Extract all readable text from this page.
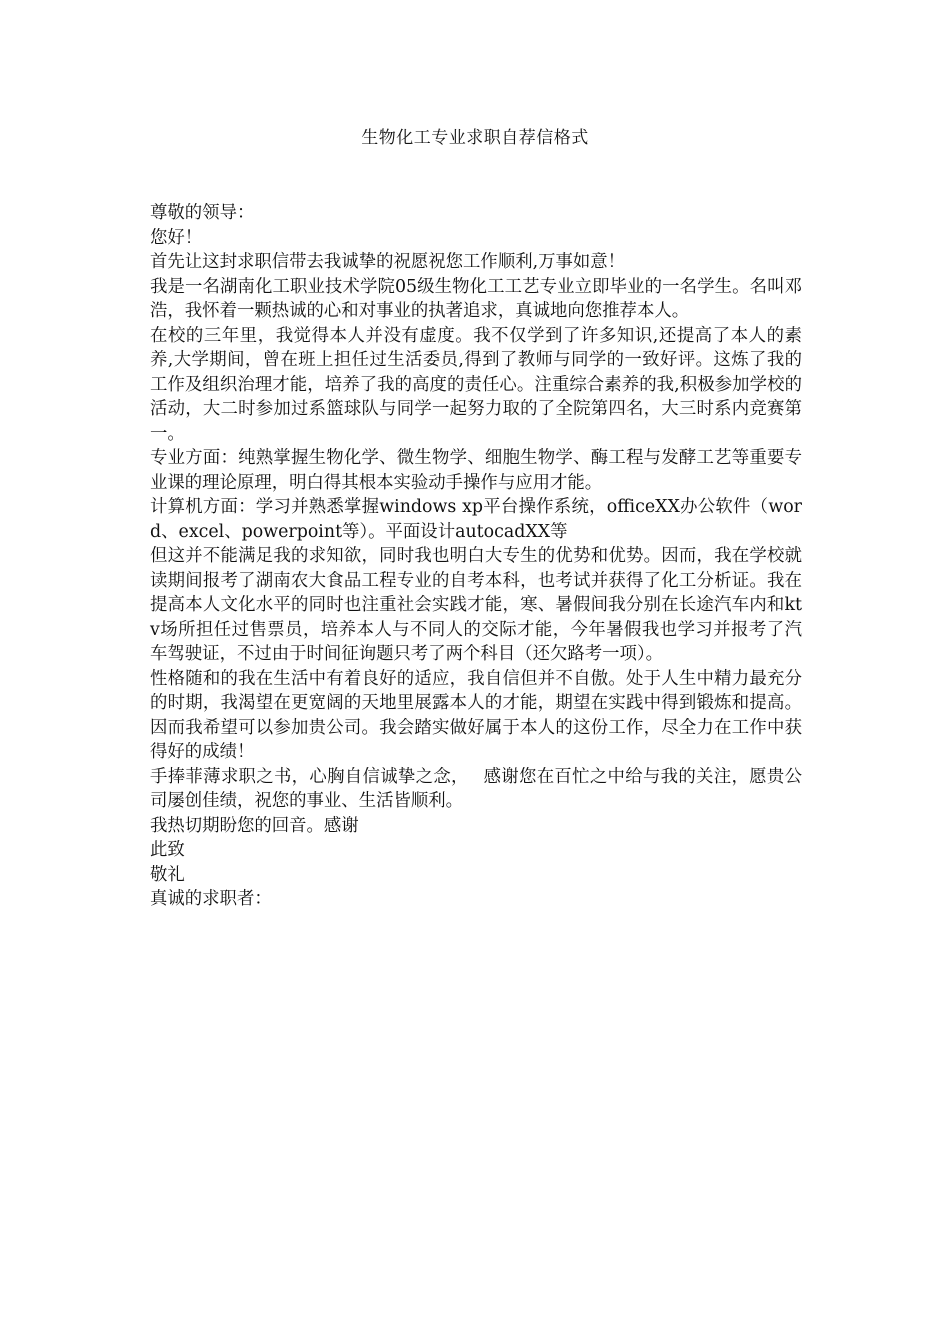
生物化工专业求职自荐信格式

尊敬的领导：

您好！

首先让这封求职信带去我诚挚的祝愿祝您工作顺利,万事如意！

我是一名湖南化工职业技术学院05级生物化工工艺专业立即毕业的一名学生。名叫邓浩，我怀着一颗热诚的心和对事业的执著追求，真诚地向您推荐本人。

在校的三年里，我觉得本人并没有虚度。我不仅学到了许多知识,还提高了本人的素养,大学期间，曾在班上担任过生活委员,得到了教师与同学的一致好评。这炼了我的工作及组织治理才能，培养了我的高度的责任心。注重综合素养的我,积极参加学校的活动，大二时参加过系篮球队与同学一起努力取的了全院第四名，大三时系内竞赛第一。

专业方面：纯熟掌握生物化学、微生物学、细胞生物学、酶工程与发酵工艺等重要专业课的理论原理，明白得其根本实验动手操作与应用才能。

计算机方面：学习并熟悉掌握windows xp平台操作系统，officeXX办公软件（word、excel、powerpoint等）。平面设计autocadXX等

但这并不能满足我的求知欲，同时我也明白大专生的优势和优势。因而，我在学校就读期间报考了湖南农大食品工程专业的自考本科，也考试并获得了化工分析证。我在提高本人文化水平的同时也注重社会实践才能，寒、暑假间我分别在长途汽车内和ktv场所担任过售票员，培养本人与不同人的交际才能，今年暑假我也学习并报考了汽车驾驶证，不过由于时间征询题只考了两个科目（还欠路考一项）。

性格随和的我在生活中有着良好的适应，我自信但并不自傲。处于人生中精力最充分的时期，我渴望在更宽阔的天地里展露本人的才能，期望在实践中得到锻炼和提高。因而我希望可以参加贵公司。我会踏实做好属于本人的这份工作，尽全力在工作中获得好的成绩！

手捧菲薄求职之书，心胸自信诚挚之念，　 感谢您在百忙之中给与我的关注，愿贵公司屡创佳绩，祝您的事业、生活皆顺利。

我热切期盼您的回音。感谢

此致

敬礼

真诚的求职者：
